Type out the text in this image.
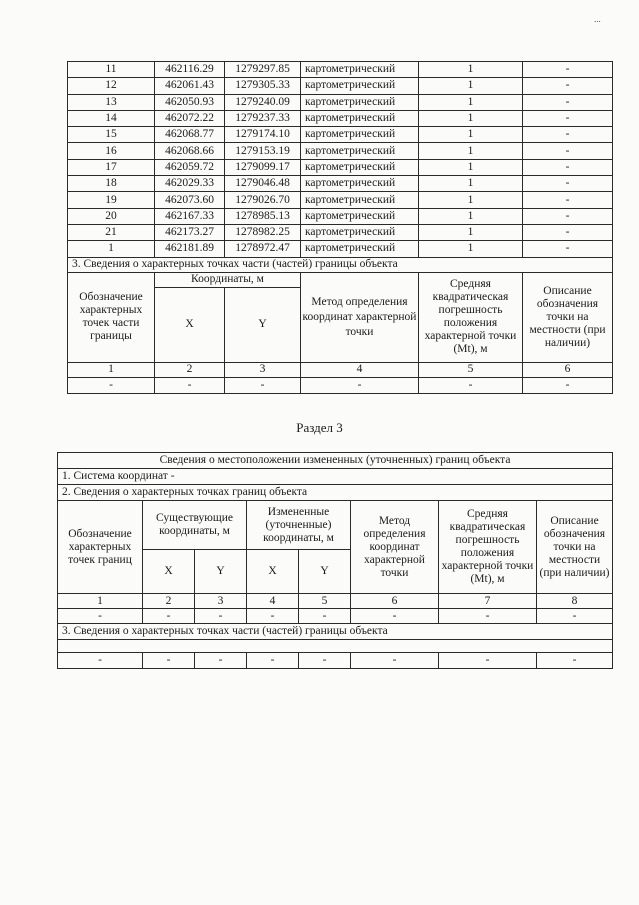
...
11	462116.29	1279297.85	картометрический	1	-
12	462061.43	1279305.33	картометрический	1	-
13	462050.93	1279240.09	картометрический	1	-
14	462072.22	1279237.33	картометрический	1	-
15	462068.77	1279174.10	картометрический	1	-
16	462068.66	1279153.19	картометрический	1	-
17	462059.72	1279099.17	картометрический	1	-
18	462029.33	1279046.48	картометрический	1	-
19	462073.60	1279026.70	картометрический	1	-
20	462167.33	1278985.13	картометрический	1	-
21	462173.27	1278982.25	картометрический	1	-
1	462181.89	1278972.47	картометрический	1	-
3. Сведения о характерных точках части (частей) границы объекта					
Обозначение характерных точек части границы	Координаты, м		Метод определения координат характерной точки	Средняя квадратическая погрешность положения характерной точки (Mt), м	Описание обозначения точки на местности (при наличии)
	X	Y			
1	2	3	4	5	6
-	-	-	-	-	-
Раздел 3
Сведения о местоположении измененных (уточненных) границ объекта							
1. Система координат -							
2. Сведения о характерных точках границ объекта							
Обозначение характерных точек границ	Существующие координаты, м		Измененные (уточненные) координаты, м		Метод определения координат характерной точки	Средняя квадратическая погрешность положения характерной точки (Mt), м	Описание обозначения точки на местности (при наличии)
	X	Y	X	Y			
1	2	3	4	5	6	7	8
-	-	-	-	-	-	-	-
3. Сведения о характерных точках части (частей) границы объекта							

-	-	-	-	-	-	-	-
